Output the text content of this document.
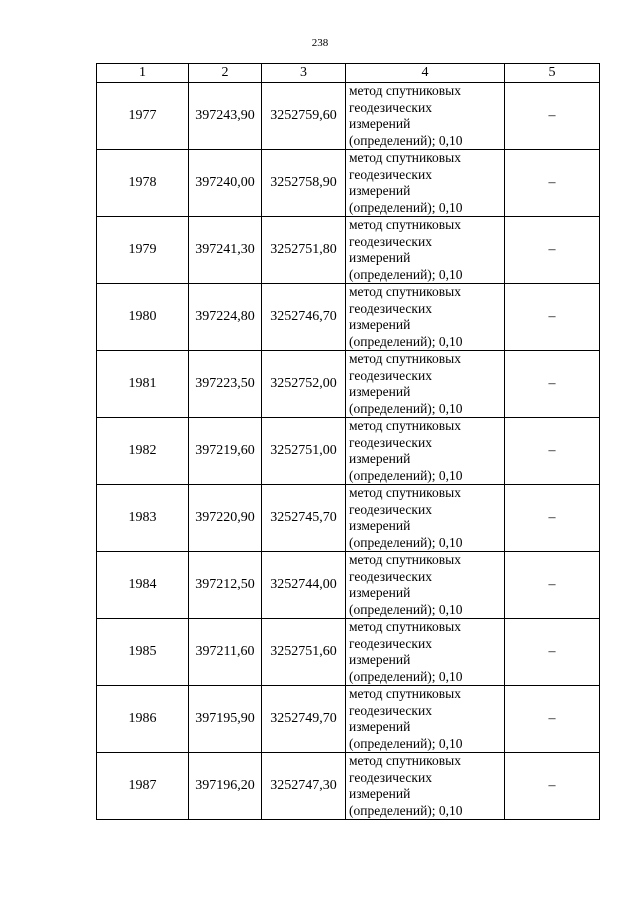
238
1	2	3	4	5
1977	397243,90	3252759,60	метод спутниковых
геодезических
измерений
(определений); 0,10	–
1978	397240,00	3252758,90	метод спутниковых
геодезических
измерений
(определений); 0,10	–
1979	397241,30	3252751,80	метод спутниковых
геодезических
измерений
(определений); 0,10	–
1980	397224,80	3252746,70	метод спутниковых
геодезических
измерений
(определений); 0,10	–
1981	397223,50	3252752,00	метод спутниковых
геодезических
измерений
(определений); 0,10	–
1982	397219,60	3252751,00	метод спутниковых
геодезических
измерений
(определений); 0,10	–
1983	397220,90	3252745,70	метод спутниковых
геодезических
измерений
(определений); 0,10	–
1984	397212,50	3252744,00	метод спутниковых
геодезических
измерений
(определений); 0,10	–
1985	397211,60	3252751,60	метод спутниковых
геодезических
измерений
(определений); 0,10	–
1986	397195,90	3252749,70	метод спутниковых
геодезических
измерений
(определений); 0,10	–
1987	397196,20	3252747,30	метод спутниковых
геодезических
измерений
(определений); 0,10	–
